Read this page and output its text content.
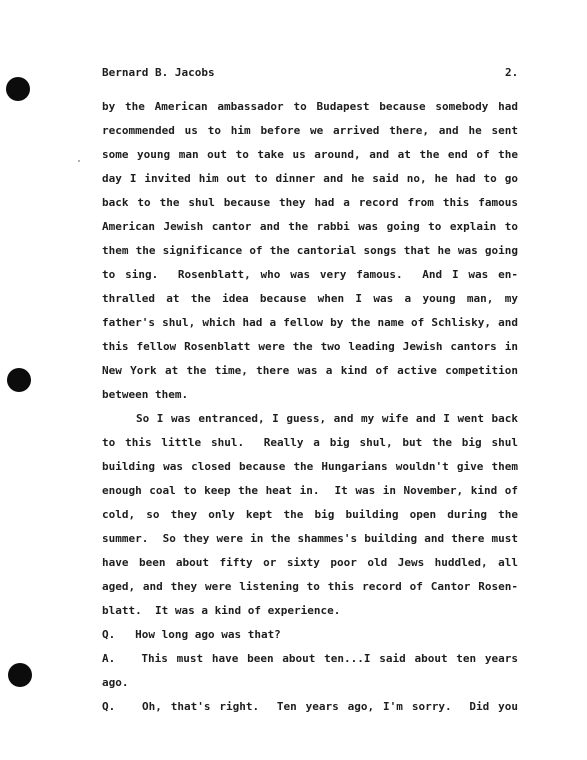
Bernard B. Jacobs	2.
by the American ambassador to Budapest because somebody had
recommended us to him before we arrived there, and he sent
some young man out to take us around, and at the end of the
day I invited him out to dinner and he said no, he had to go
back to the shul because they had a record from this famous
American Jewish cantor and the rabbi was going to explain to
them the significance of the cantorial songs that he was going
to sing.  Rosenblatt, who was very famous.  And I was en-
thralled at the idea because when I was a young man, my
father's shul, which had a fellow by the name of Schlisky, and
this fellow Rosenblatt were the two leading Jewish cantors in
New York at the time, there was a kind of active competition
between them.
So I was entranced, I guess, and my wife and I went back
to this little shul.  Really a big shul, but the big shul
building was closed because the Hungarians wouldn't give them
enough coal to keep the heat in.  It was in November, kind of
cold, so they only kept the big building open during the
summer.  So they were in the shammes's building and there must
have been about fifty or sixty poor old Jews huddled, all
aged, and they were listening to this record of Cantor Rosen-
blatt.  It was a kind of experience.
Q.   How long ago was that?
A.   This must have been about ten...I said about ten years
ago.
Q.   Oh, that's right.  Ten years ago, I'm sorry.  Did you
